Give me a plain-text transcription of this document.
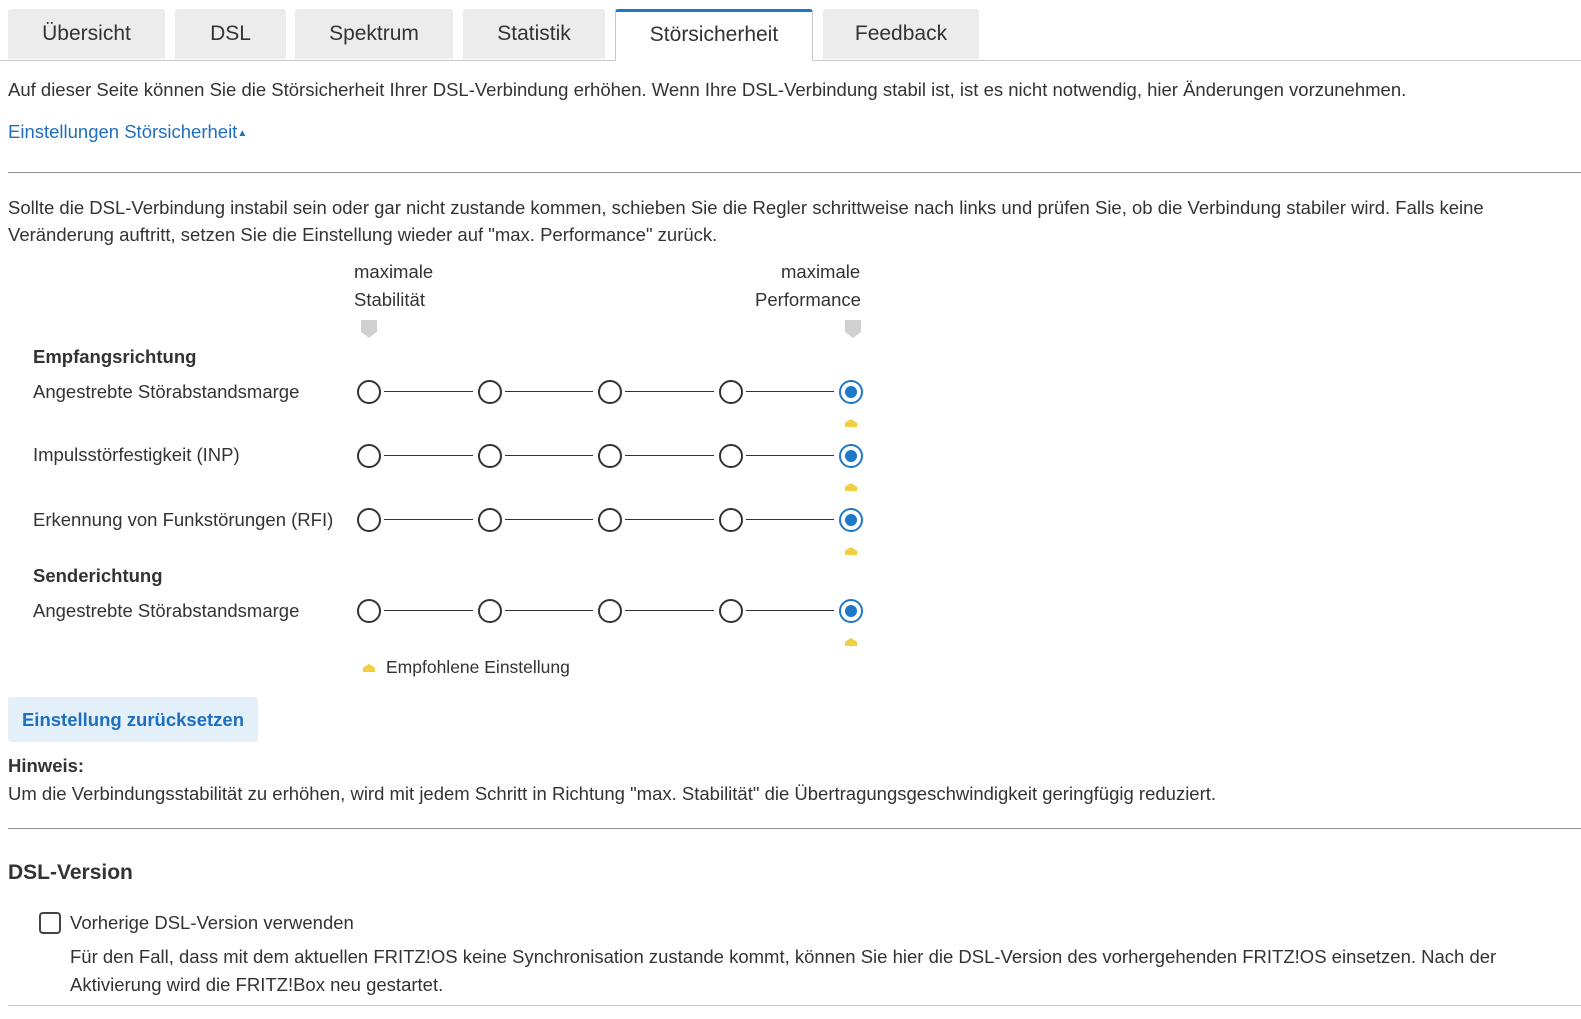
Übersicht	DSL	Spektrum	Statistik	Störsicherheit	Feedback
Auf dieser Seite können Sie die Störsicherheit Ihrer DSL-Verbindung erhöhen. Wenn Ihre DSL-Verbindung stabil ist, ist es nicht notwendig, hier Änderungen vorzunehmen.
Einstellungen Störsicherheit▲
Sollte die DSL-Verbindung instabil sein oder gar nicht zustande kommen, schieben Sie die Regler schrittweise nach links und prüfen Sie, ob die Verbindung stabiler wird. Falls keine
Veränderung auftritt, setzen Sie die Einstellung wieder auf "max. Performance" zurück.
maximale
Stabilität
maximale
Performance
Empfangsrichtung
Senderichtung
Angestrebte Störabstandsmarge
Impulsstörfestigkeit (INP)
Erkennung von Funkstörungen (RFI)
Angestrebte Störabstandsmarge
Empfohlene Einstellung
Einstellung zurücksetzen
Hinweis:
Um die Verbindungsstabilität zu erhöhen, wird mit jedem Schritt in Richtung "max. Stabilität" die Übertragungsgeschwindigkeit geringfügig reduziert.
DSL-Version
Vorherige DSL-Version verwenden
Für den Fall, dass mit dem aktuellen FRITZ!OS keine Synchronisation zustande kommt, können Sie hier die DSL-Version des vorhergehenden FRITZ!OS einsetzen. Nach der
Aktivierung wird die FRITZ!Box neu gestartet.
